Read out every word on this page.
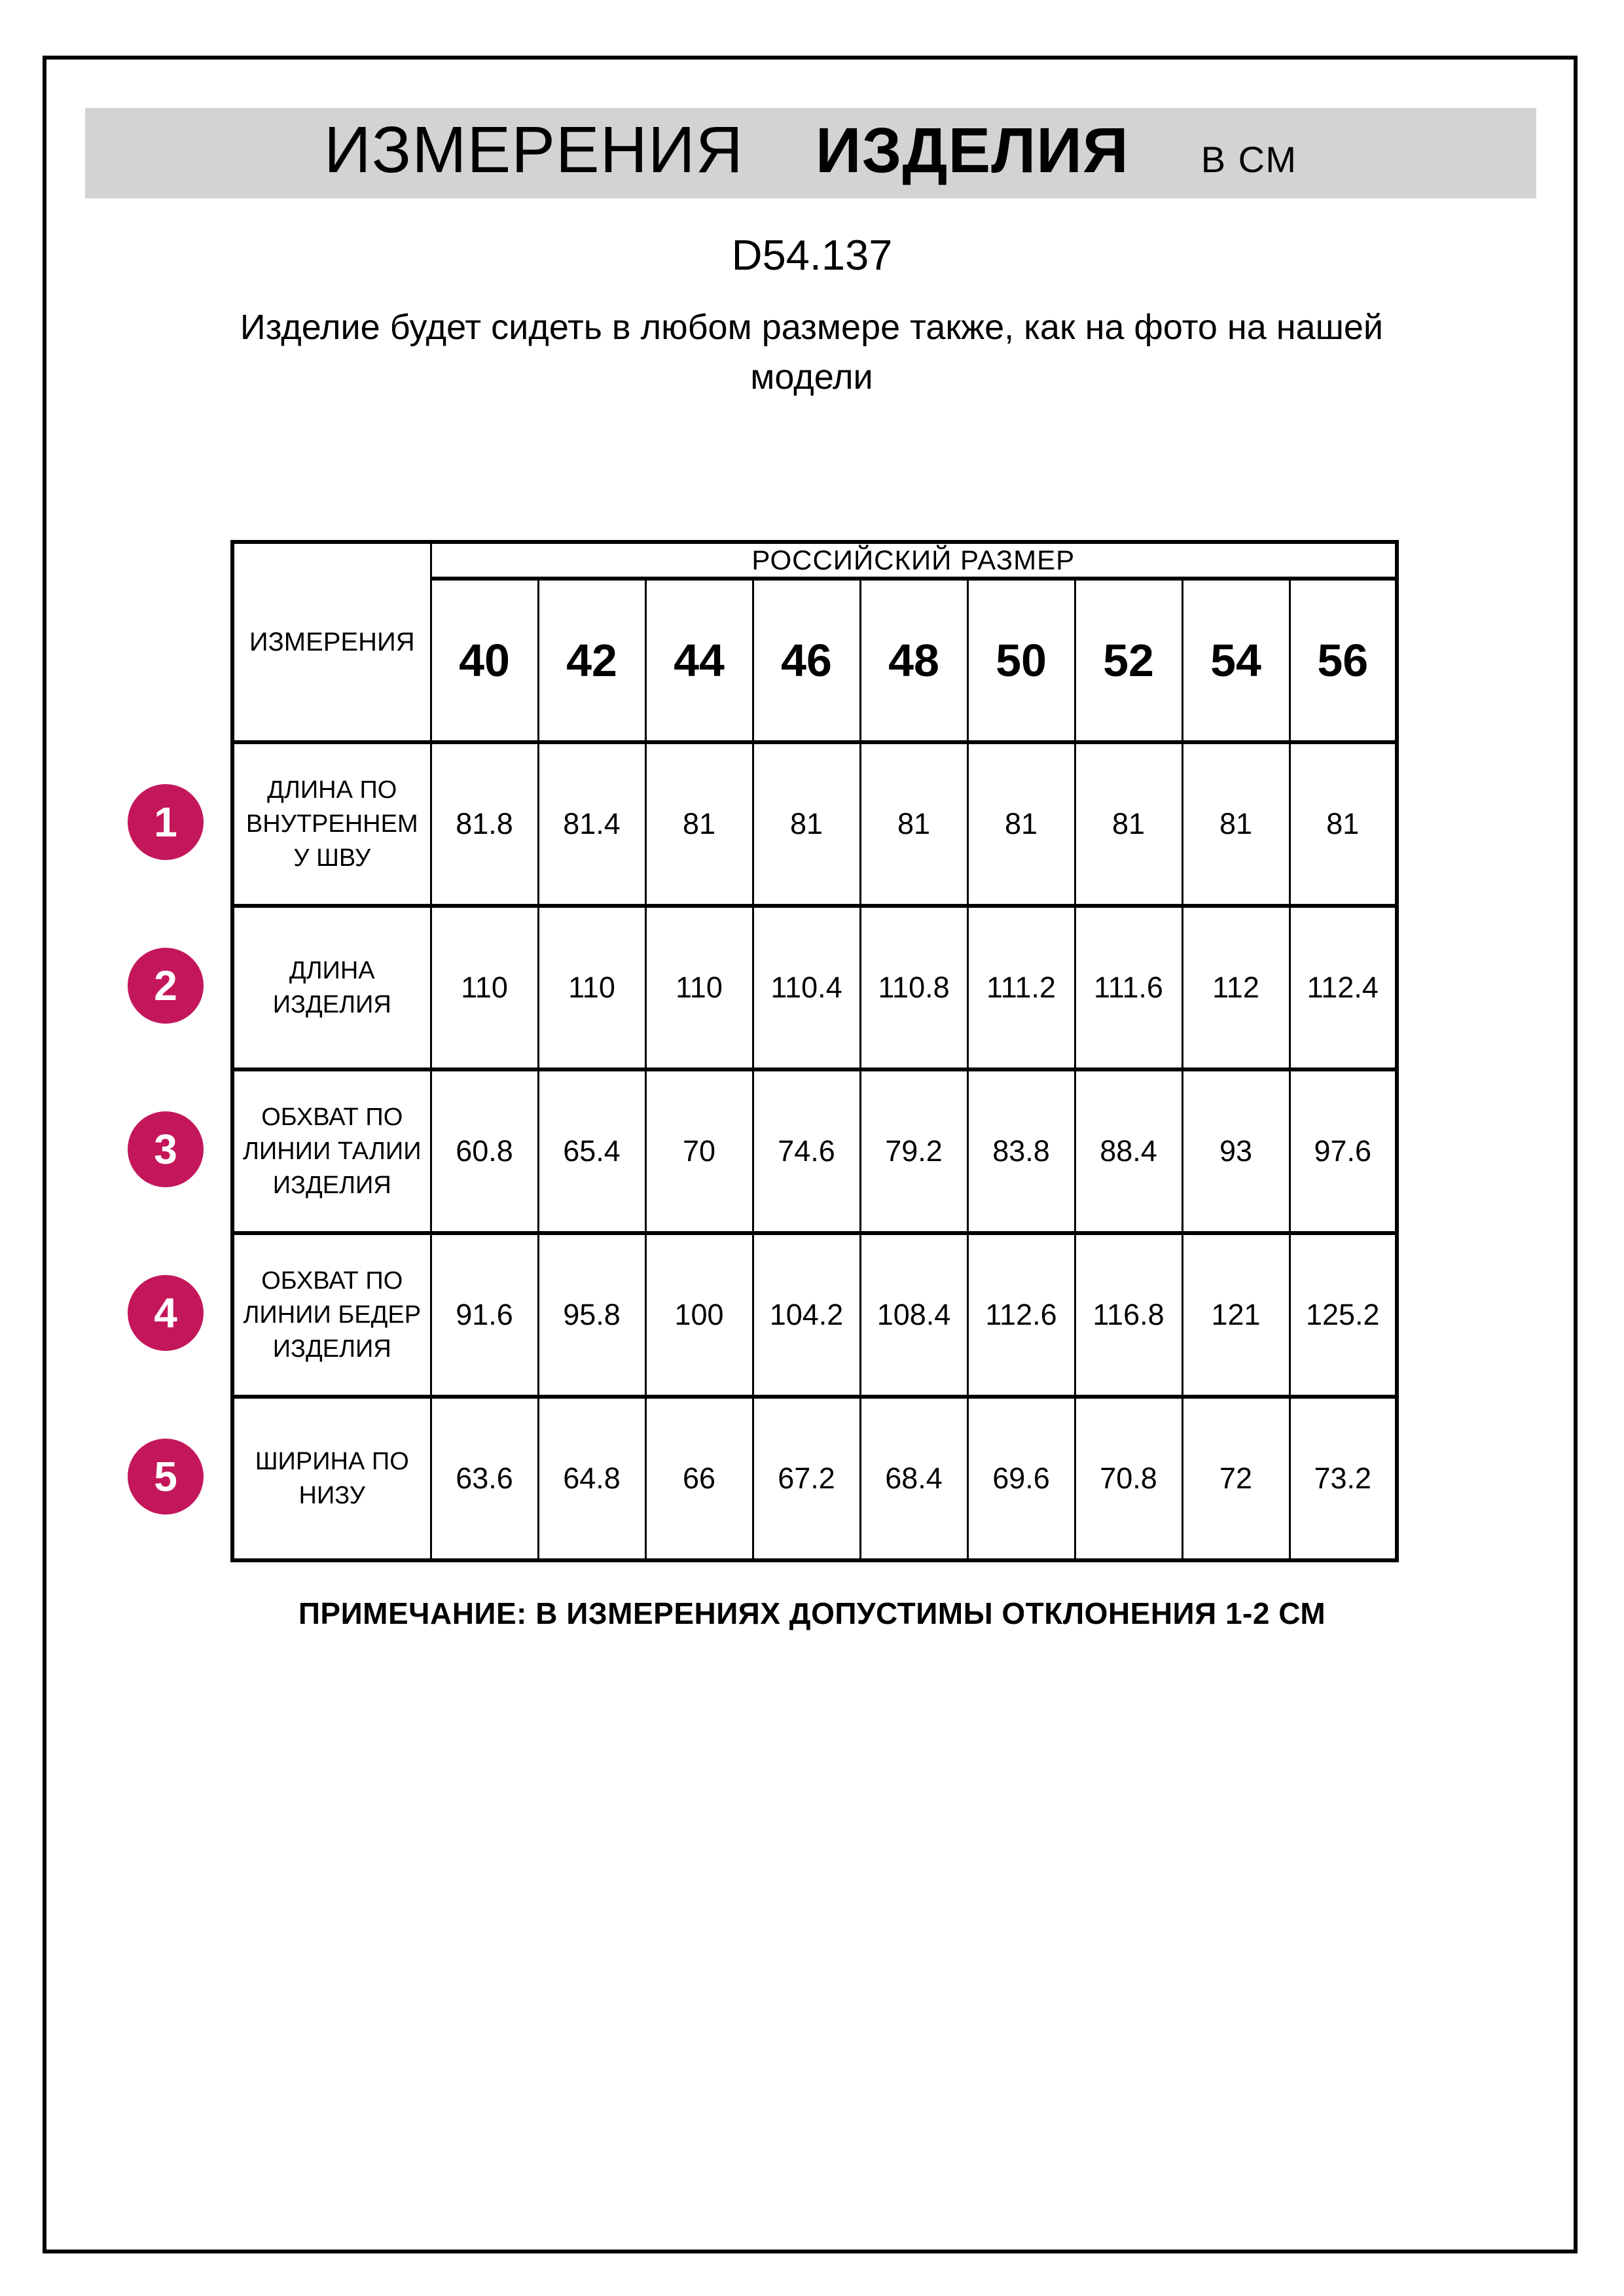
ИЗМЕРЕНИЯ ИЗДЕЛИЯ В СМ
D54.137
Изделие будет сидеть в любом размере также, как на фото на нашей модели
ИЗМЕРЕНИЯ	РОССИЙСКИЙ РАЗМЕР								
	40	42	44	46	48	50	52	54	56
ДЛИНА ПО
ВНУТРЕННЕМ
У ШВУ	81.8	81.4	81	81	81	81	81	81	81
ДЛИНА
ИЗДЕЛИЯ	110	110	110	110.4	110.8	111.2	111.6	112	112.4
ОБХВАТ ПО
ЛИНИИ ТАЛИИ
ИЗДЕЛИЯ	60.8	65.4	70	74.6	79.2	83.8	88.4	93	97.6
ОБХВАТ ПО
ЛИНИИ БЕДЕР
ИЗДЕЛИЯ	91.6	95.8	100	104.2	108.4	112.6	116.8	121	125.2
ШИРИНА ПО
НИЗУ	63.6	64.8	66	67.2	68.4	69.6	70.8	72	73.2
1
2
3
4
5
ПРИМЕЧАНИЕ: В ИЗМЕРЕНИЯХ ДОПУСТИМЫ ОТКЛОНЕНИЯ 1-2 СМ
